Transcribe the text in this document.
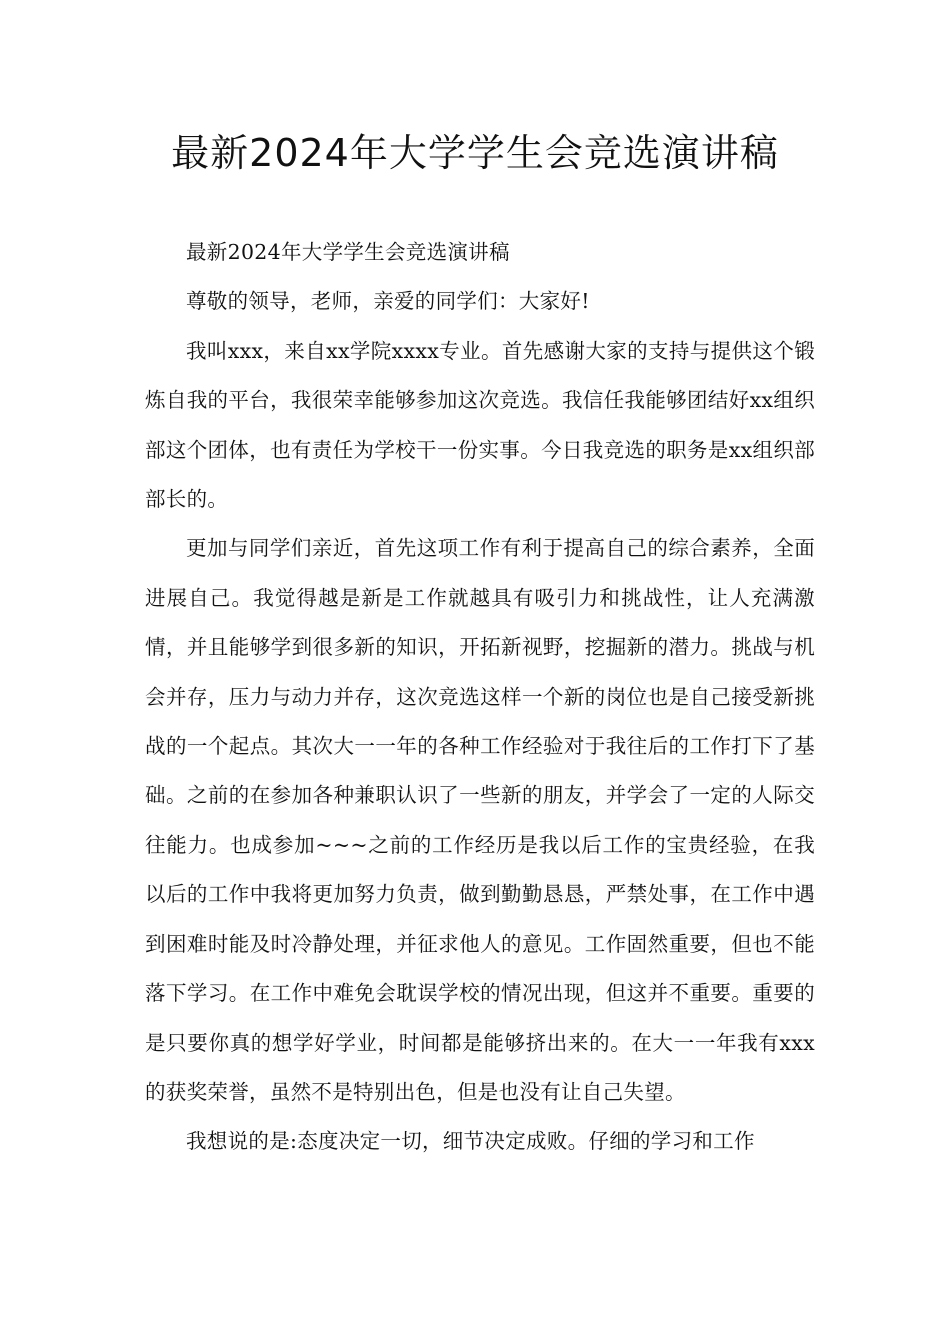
最新2024年大学学生会竞选演讲稿

最新2024年大学学生会竞选演讲稿

尊敬的领导，老师，亲爱的同学们：大家好!

我叫xxx，来自xx学院xxxx专业。首先感谢大家的支持与提供这个锻炼自我的平台，我很荣幸能够参加这次竞选。我信任我能够团结好xx组织部这个团体，也有责任为学校干一份实事。今日我竞选的职务是xx组织部部长的。

更加与同学们亲近，首先这项工作有利于提高自己的综合素养，全面进展自己。我觉得越是新是工作就越具有吸引力和挑战性，让人充满激情，并且能够学到很多新的知识，开拓新视野，挖掘新的潜力。挑战与机会并存，压力与动力并存，这次竞选这样一个新的岗位也是自己接受新挑战的一个起点。其次大一一年的各种工作经验对于我往后的工作打下了基础。之前的在参加各种兼职认识了一些新的朋友，并学会了一定的人际交往能力。也成参加~~~之前的工作经历是我以后工作的宝贵经验，在我以后的工作中我将更加努力负责，做到勤勤恳恳，严禁处事，在工作中遇到困难时能及时冷静处理，并征求他人的意见。工作固然重要，但也不能落下学习。在工作中难免会耽误学校的情况出现，但这并不重要。重要的是只要你真的想学好学业，时间都是能够挤出来的。在大一一年我有xxx的获奖荣誉，虽然不是特别出色，但是也没有让自己失望。

我想说的是:态度决定一切，细节决定成败。仔细的学习和工作
